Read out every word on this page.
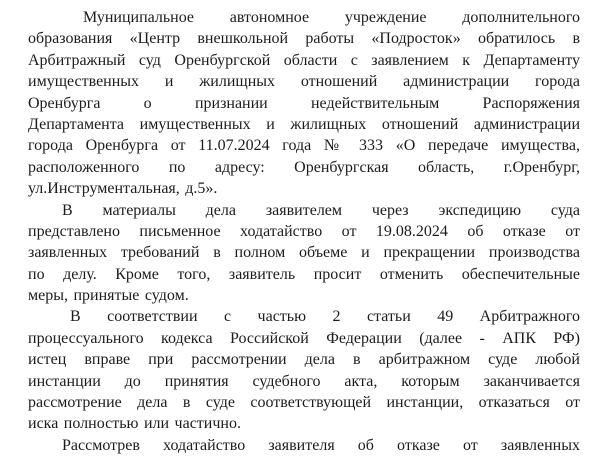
Муниципальное автономное учреждение дополнительного
образования «Центр внешкольной работы «Подросток» обратилось в
Арбитражный суд Оренбургской области с заявлением к Департаменту
имущественных и жилищных отношений администрации города
Оренбурга о признании недействительным Распоряжения
Департамента имущественных и жилищных отношений администрации
города Оренбурга от 11.07.2024 года № 333 «О передаче имущества,
расположенного по адресу: Оренбургская область, г.Оренбург,
ул.Инструментальная, д.5».
В материалы дела заявителем через экспедицию суда
представлено письменное ходатайство от 19.08.2024 об отказе от
заявленных требований в полном объеме и прекращении производства
по делу. Кроме того, заявитель просит отменить обеспечительные
меры, принятые судом.
В соответствии с частью 2 статьи 49 Арбитражного
процессуального кодекса Российской Федерации (далее - АПК РФ)
истец вправе при рассмотрении дела в арбитражном суде любой
инстанции до принятия судебного акта, которым заканчивается
рассмотрение дела в суде соответствующей инстанции, отказаться от
иска полностью или частично.
Рассмотрев ходатайство заявителя об отказе от заявленных
